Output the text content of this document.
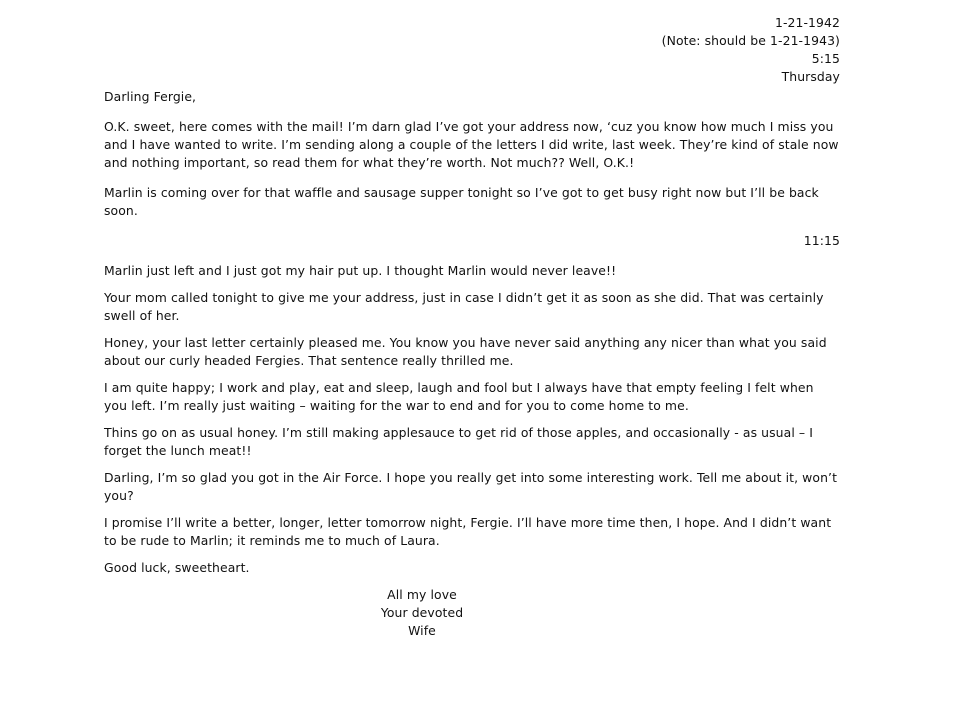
1-21-1942
(Note: should be 1-21-1943)
5:15
Thursday
Darling Fergie,

O.K. sweet, here comes with the mail! I’m darn glad I’ve got your address now, ‘cuz you know how much I miss you and I have wanted to write. I’m sending along a couple of the letters I did write, last week. They’re kind of stale now and nothing important, so read them for what they’re worth. Not much?? Well, O.K.!

Marlin is coming over for that waffle and sausage supper tonight so I’ve got to get busy right now but I’ll be back soon.

11:15

Marlin just left and I just got my hair put up. I thought Marlin would never leave!!

Your mom called tonight to give me your address, just in case I didn’t get it as soon as she did. That was certainly swell of her.

Honey, your last letter certainly pleased me. You know you have never said anything any nicer than what you said about our curly headed Fergies. That sentence really thrilled me.

I am quite happy; I work and play, eat and sleep, laugh and fool but I always have that empty feeling I felt when you left. I’m really just waiting – waiting for the war to end and for you to come home to me.

Thins go on as usual honey. I’m still making applesauce to get rid of those apples, and occasionally - as usual – I forget the lunch meat!!

Darling, I’m so glad you got in the Air Force. I hope you really get into some interesting work. Tell me about it, won’t you?

I promise I’ll write a better, longer, letter tomorrow night, Fergie. I’ll have more time then, I hope. And I didn’t want to be rude to Marlin; it reminds me to much of Laura.

Good luck, sweetheart.

All my love
Your devoted
Wife
